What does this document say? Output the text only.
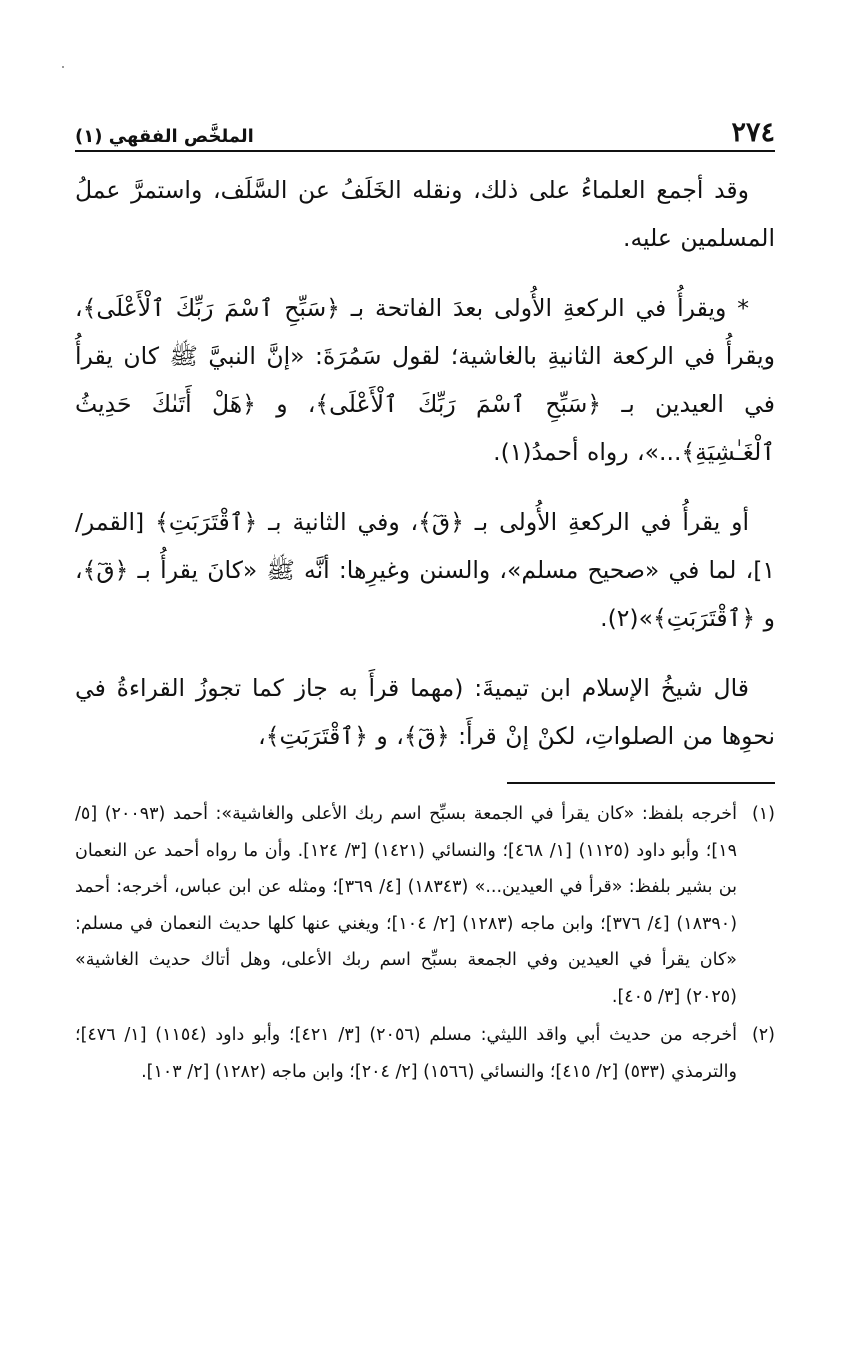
٢٧٤
الملخَّص الفقهي (١)

وقد أجمع العلماءُ على ذلك، ونقله الخَلَفُ عن السَّلَف، واستمرَّ عملُ المسلمين عليه.

* ويقرأُ في الركعةِ الأُولى بعدَ الفاتحة بـ ﴿سَبِّحِ ٱسْمَ رَبِّكَ ٱلْأَعْلَى﴾، ويقرأُ في الركعة الثانيةِ بالغاشية؛ لقول سَمُرَةَ: «إنَّ النبيَّ ﷺ كان يقرأُ في العيدين بـ ﴿سَبِّحِ ٱسْمَ رَبِّكَ ٱلْأَعْلَى﴾، و ﴿هَلْ أَتَىٰكَ حَدِيثُ ٱلْغَـٰشِيَةِ﴾...»، رواه أحمدُ(١).

أو يقرأُ في الركعةِ الأُولى بـ ﴿قٓ﴾، وفي الثانية بـ ﴿ٱقْتَرَبَتِ﴾ [القمر/ ١]، لما في «صحيح مسلم»، والسنن وغيرِها: أنَّه ﷺ «كانَ يقرأُ بـ ﴿قٓ﴾، و ﴿ٱقْتَرَبَتِ﴾»(٢).

قال شيخُ الإسلام ابن تيميةَ: (مهما قرأَ به جاز كما تجوزُ القراءةُ في نحوِها من الصلواتِ، لكنْ إنْ قرأَ: ﴿قٓ﴾، و ﴿ٱقْتَرَبَتِ﴾،

(١)
أخرجه بلفظ: «كان يقرأ في الجمعة بسبِّح اسم ربك الأعلى والغاشية»: أحمد (٢٠٠٩٣) [٥/ ١٩]؛ وأبو داود (١١٢٥) [١/ ٤٦٨]؛ والنسائي (١٤٢١) [٣/ ١٢٤]. وأن ما رواه أحمد عن النعمان بن بشير بلفظ: «قرأ في العيدين...» (١٨٣٤٣) [٤/ ٣٦٩]؛ ومثله عن ابن عباس، أخرجه: أحمد (١٨٣٩٠) [٤/ ٣٧٦]؛ وابن ماجه (١٢٨٣) [٢/ ١٠٤]؛ ويغني عنها كلها حديث النعمان في مسلم: «كان يقرأ في العيدين وفي الجمعة بسبِّح اسم ربك الأعلى، وهل أتاك حديث الغاشية» (٢٠٢٥) [٣/ ٤٠٥].
(٢)
أخرجه من حديث أبي واقد الليثي: مسلم (٢٠٥٦) [٣/ ٤٢١]؛ وأبو داود (١١٥٤) [١/ ٤٧٦]؛ والترمذي (٥٣٣) [٢/ ٤١٥]؛ والنسائي (١٥٦٦) [٢/ ٢٠٤]؛ وابن ماجه (١٢٨٢) [٢/ ١٠٣].
